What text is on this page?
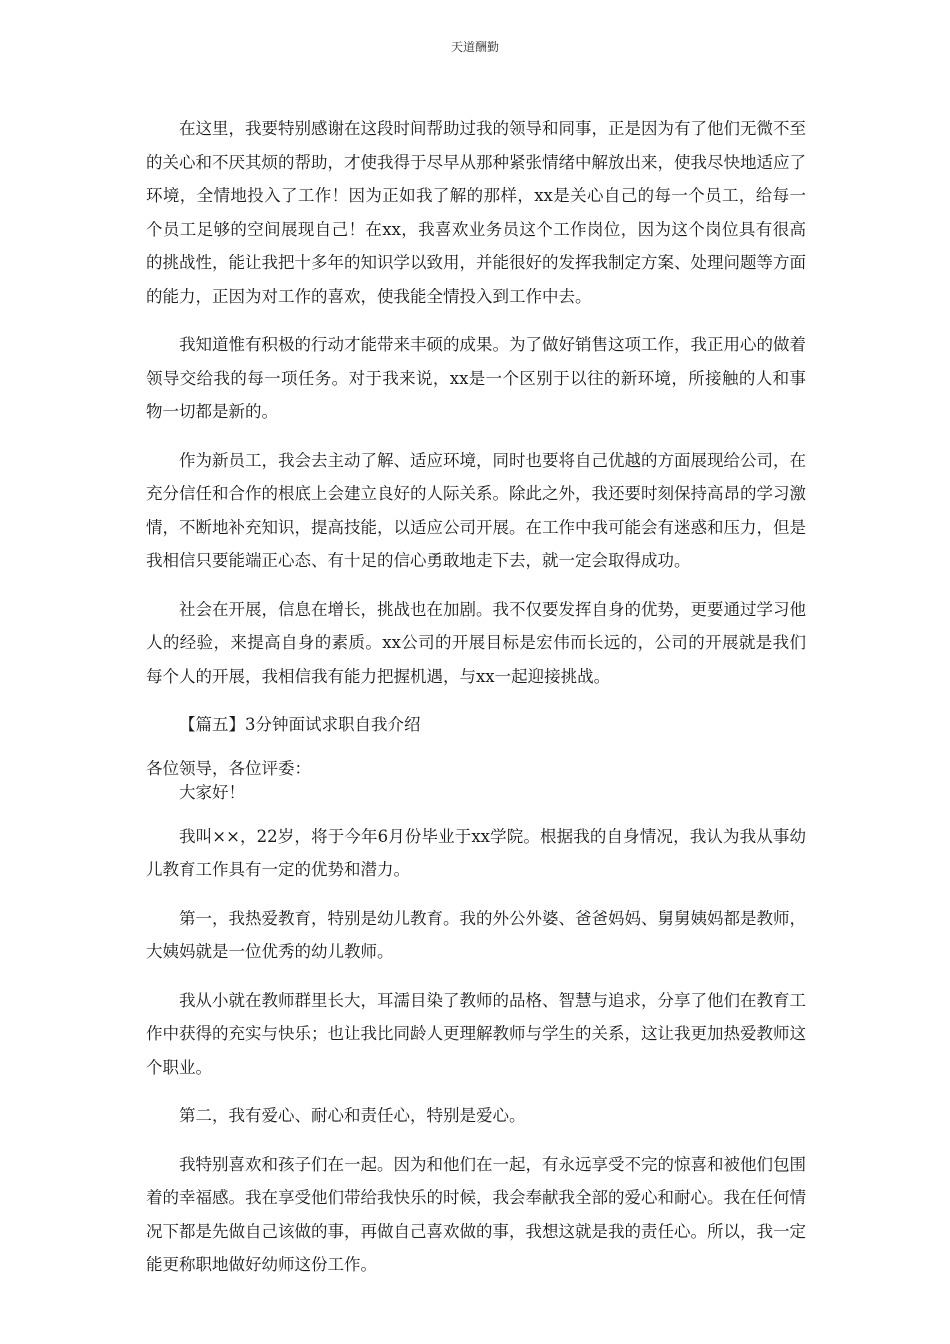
天道酬勤

在这里，我要特别感谢在这段时间帮助过我的领导和同事，正是因为有了他们无微不至的关心和不厌其烦的帮助，才使我得于尽早从那种紧张情绪中解放出来，使我尽快地适应了环境，全情地投入了工作！因为正如我了解的那样，xx是关心自己的每一个员工，给每一个员工足够的空间展现自己！在xx，我喜欢业务员这个工作岗位，因为这个岗位具有很高的挑战性，能让我把十多年的知识学以致用，并能很好的发挥我制定方案、处理问题等方面的能力，正因为对工作的喜欢，使我能全情投入到工作中去。

我知道惟有积极的行动才能带来丰硕的成果。为了做好销售这项工作，我正用心的做着领导交给我的每一项任务。对于我来说，xx是一个区别于以往的新环境，所接触的人和事物一切都是新的。

作为新员工，我会去主动了解、适应环境，同时也要将自己优越的方面展现给公司，在充分信任和合作的根底上会建立良好的人际关系。除此之外，我还要时刻保持高昂的学习激情，不断地补充知识，提高技能，以适应公司开展。在工作中我可能会有迷惑和压力，但是我相信只要能端正心态、有十足的信心勇敢地走下去，就一定会取得成功。

社会在开展，信息在增长，挑战也在加剧。我不仅要发挥自身的优势，更要通过学习他人的经验，来提高自身的素质。xx公司的开展目标是宏伟而长远的，公司的开展就是我们每个人的开展，我相信我有能力把握机遇，与xx一起迎接挑战。

【篇五】3分钟面试求职自我介绍

各位领导，各位评委：

大家好！

我叫××，22岁，将于今年6月份毕业于xx学院。根据我的自身情况，我认为我从事幼儿教育工作具有一定的优势和潜力。

第一，我热爱教育，特别是幼儿教育。我的外公外婆、爸爸妈妈、舅舅姨妈都是教师，大姨妈就是一位优秀的幼儿教师。

我从小就在教师群里长大，耳濡目染了教师的品格、智慧与追求，分享了他们在教育工作中获得的充实与快乐；也让我比同龄人更理解教师与学生的关系，这让我更加热爱教师这个职业。

第二，我有爱心、耐心和责任心，特别是爱心。

我特别喜欢和孩子们在一起。因为和他们在一起，有永远享受不完的惊喜和被他们包围着的幸福感。我在享受他们带给我快乐的时候，我会奉献我全部的爱心和耐心。我在任何情况下都是先做自己该做的事，再做自己喜欢做的事，我想这就是我的责任心。所以，我一定能更称职地做好幼师这份工作。
